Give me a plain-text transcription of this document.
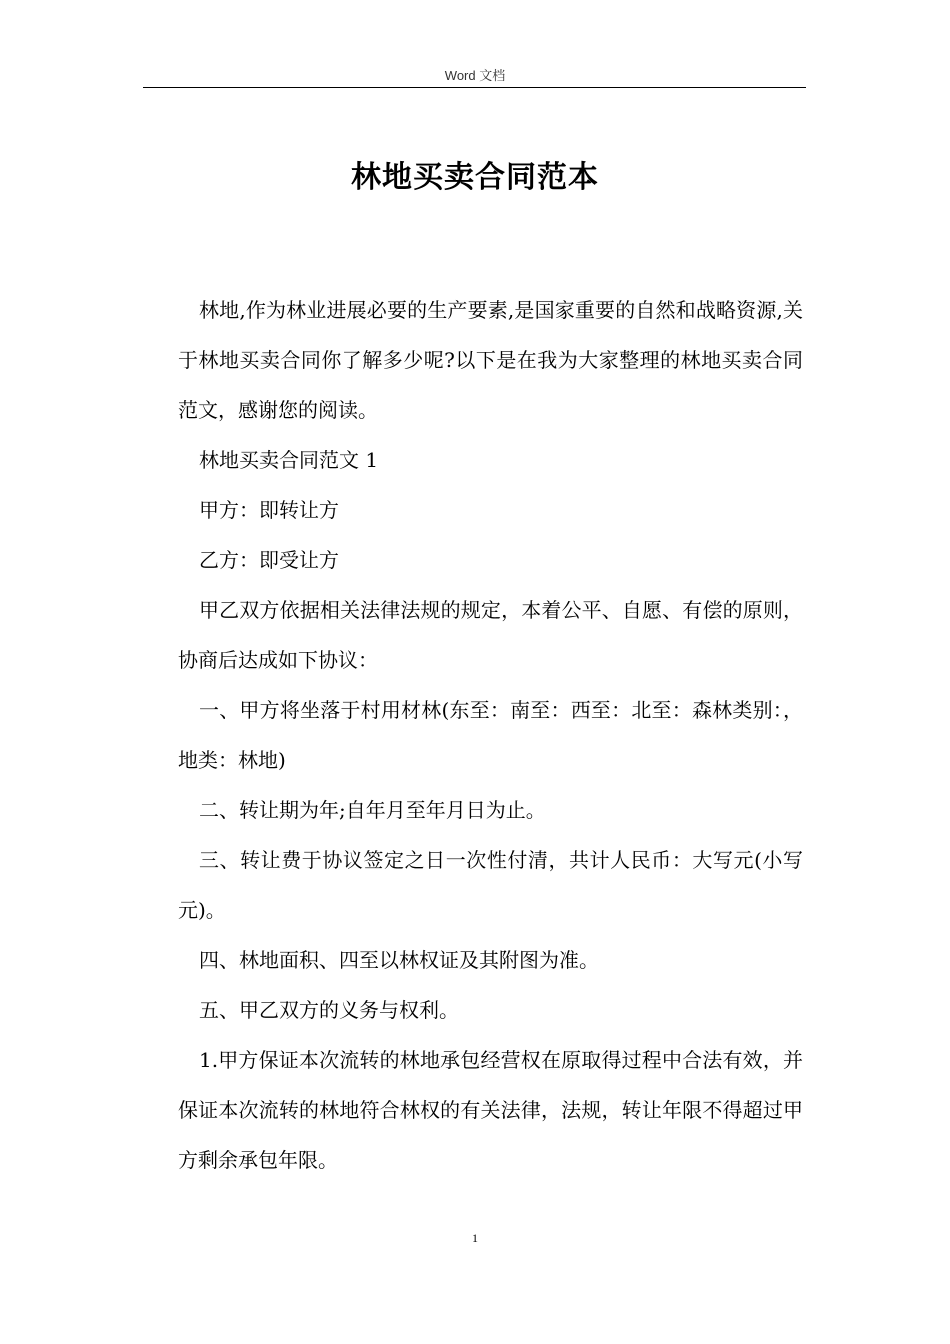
Word 文档
林地买卖合同范本

林地,作为林业进展必要的生产要素,是国家重要的自然和战略资源,关于林地买卖合同你了解多少呢?以下是在我为大家整理的林地买卖合同范文，感谢您的阅读。

林地买卖合同范文 1

甲方：即转让方

乙方：即受让方

甲乙双方依据相关法律法规的规定，本着公平、自愿、有偿的原则，协商后达成如下协议：

一、甲方将坐落于村用材林(东至：南至：西至：北至：森林类别：，地类：林地)

二、转让期为年;自年月至年月日为止。

三、转让费于协议签定之日一次性付清，共计人民币：大写元(小写元)。

四、林地面积、四至以林权证及其附图为准。

五、甲乙双方的义务与权利。

1.甲方保证本次流转的林地承包经营权在原取得过程中合法有效，并保证本次流转的林地符合林权的有关法律，法规，转让年限不得超过甲方剩余承包年限。

1
